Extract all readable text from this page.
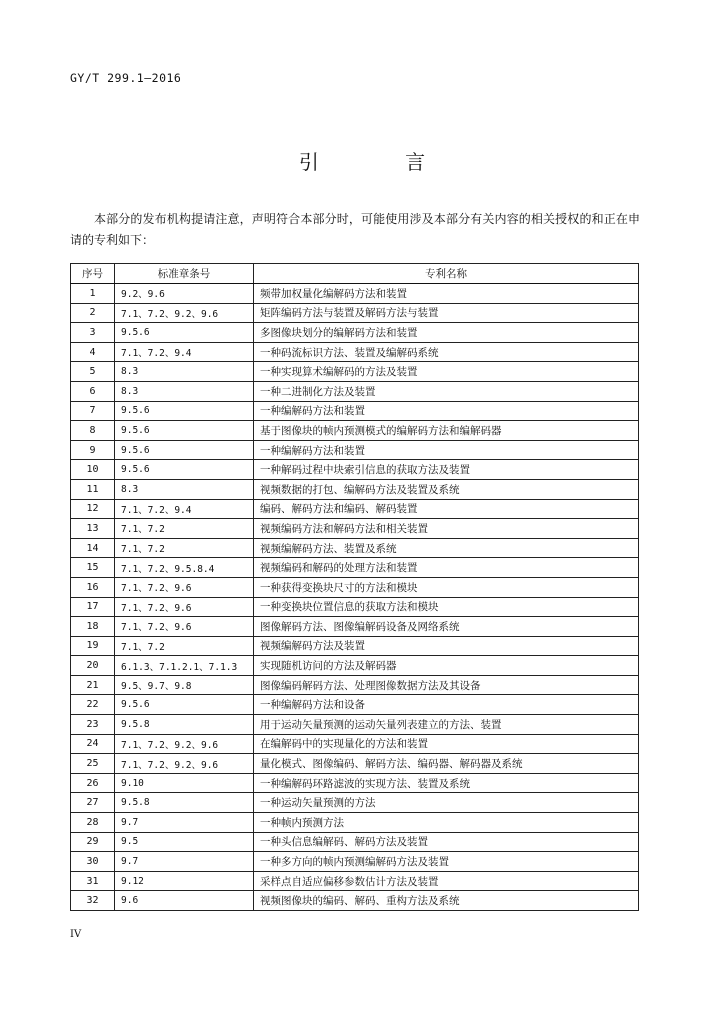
GY/T 299.1—2016
引 言

本部分的发布机构提请注意，声明符合本部分时，可能使用涉及本部分有关内容的相关授权的和正在申请的专利如下：

序号	标准章条号	专利名称
1	9.2、9.6	频带加权量化编解码方法和装置
2	7.1、7.2、9.2、9.6	矩阵编码方法与装置及解码方法与装置
3	9.5.6	多图像块划分的编解码方法和装置
4	7.1、7.2、9.4	一种码流标识方法、装置及编解码系统
5	8.3	一种实现算术编解码的方法及装置
6	8.3	一种二进制化方法及装置
7	9.5.6	一种编解码方法和装置
8	9.5.6	基于图像块的帧内预测模式的编解码方法和编解码器
9	9.5.6	一种编解码方法和装置
10	9.5.6	一种解码过程中块索引信息的获取方法及装置
11	8.3	视频数据的打包、编解码方法及装置及系统
12	7.1、7.2、9.4	编码、解码方法和编码、解码装置
13	7.1、7.2	视频编码方法和解码方法和相关装置
14	7.1、7.2	视频编解码方法、装置及系统
15	7.1、7.2、9.5.8.4	视频编码和解码的处理方法和装置
16	7.1、7.2、9.6	一种获得变换块尺寸的方法和模块
17	7.1、7.2、9.6	一种变换块位置信息的获取方法和模块
18	7.1、7.2、9.6	图像解码方法、图像编解码设备及网络系统
19	7.1、7.2	视频编解码方法及装置
20	6.1.3、7.1.2.1、7.1.3	实现随机访问的方法及解码器
21	9.5、9.7、9.8	图像编码解码方法、处理图像数据方法及其设备
22	9.5.6	一种编解码方法和设备
23	9.5.8	用于运动矢量预测的运动矢量列表建立的方法、装置
24	7.1、7.2、9.2、9.6	在编解码中的实现量化的方法和装置
25	7.1、7.2、9.2、9.6	量化模式、图像编码、解码方法、编码器、解码器及系统
26	9.10	一种编解码环路滤波的实现方法、装置及系统
27	9.5.8	一种运动矢量预测的方法
28	9.7	一种帧内预测方法
29	9.5	一种头信息编解码、解码方法及装置
30	9.7	一种多方向的帧内预测编解码方法及装置
31	9.12	采样点自适应偏移参数估计方法及装置
32	9.6	视频图像块的编码、解码、重构方法及系统
IV
